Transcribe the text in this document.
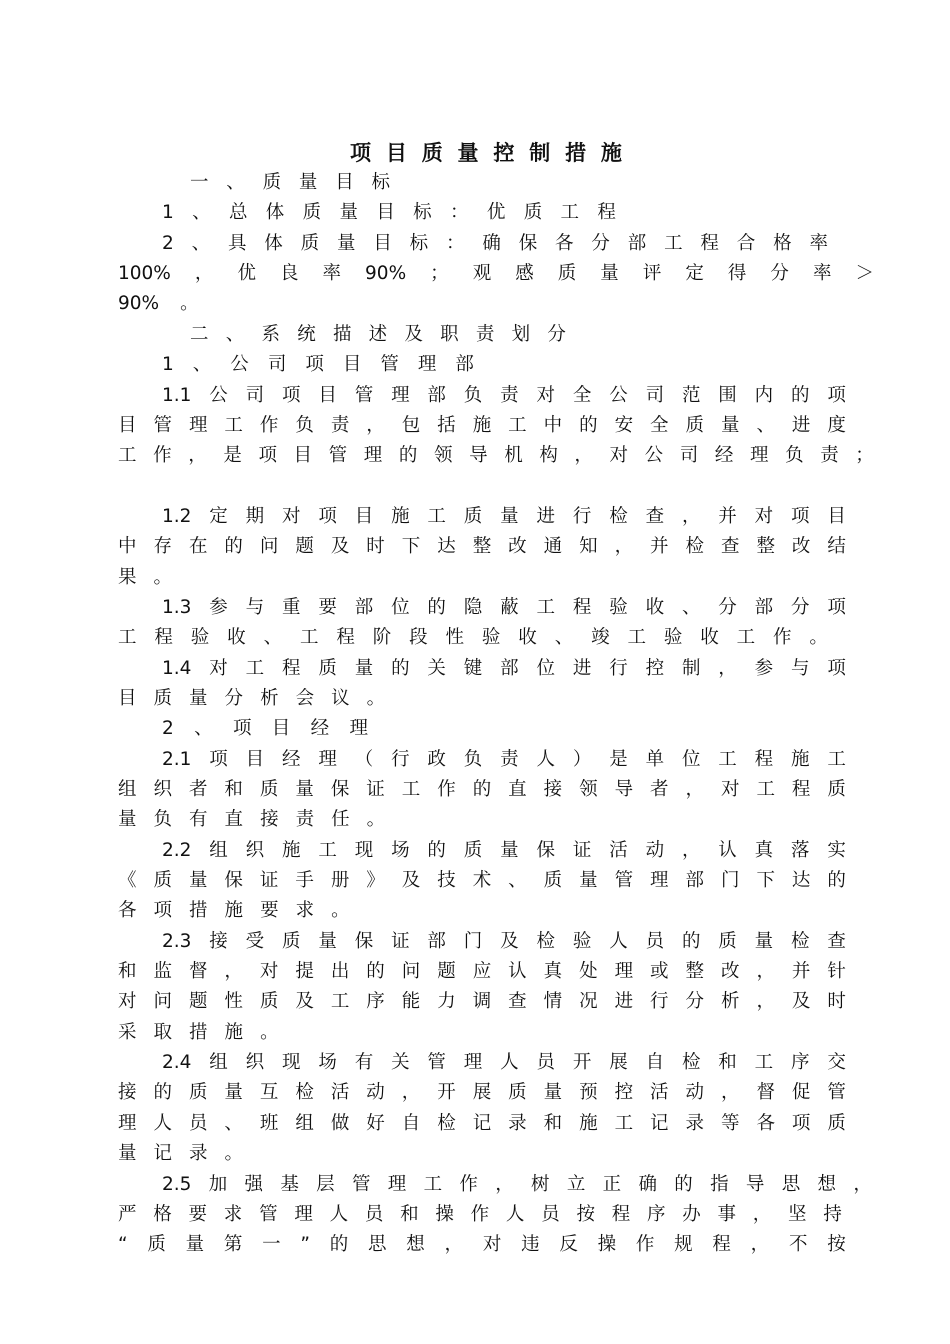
项 目 质 量 控 制 措 施
一 、 质 量 目 标
1 、 总 体 质 量 目 标 ： 优 质 工 程
2 、 具 体 质 量 目 标 ： 确 保 各 分 部 工 程 合 格 率
100% ， 优 良 率 90% ； 观 感 质 量 评 定 得 分 率 ＞
90% 。
二 、 系 统 描 述 及 职 责 划 分
1 、 公 司 项 目 管 理 部
1.1 公 司 项 目 管 理 部 负 责 对 全 公 司 范 围 内 的 项
目 管 理 工 作 负 责 ， 包 括 施 工 中 的 安 全 质 量 、 进 度
工 作 ， 是 项 目 管 理 的 领 导 机 构 ， 对 公 司 经 理 负 责 ；
1.2 定 期 对 项 目 施 工 质 量 进 行 检 查 ， 并 对 项 目
中 存 在 的 问 题 及 时 下 达 整 改 通 知 ， 并 检 查 整 改 结
果 。
1.3 参 与 重 要 部 位 的 隐 蔽 工 程 验 收 、 分 部 分 项
工 程 验 收 、 工 程 阶 段 性 验 收 、 竣 工 验 收 工 作 。
1.4 对 工 程 质 量 的 关 键 部 位 进 行 控 制 ， 参 与 项
目 质 量 分 析 会 议 。
2 、 项 目 经 理
2.1 项 目 经 理 （ 行 政 负 责 人 ） 是 单 位 工 程 施 工
组 织 者 和 质 量 保 证 工 作 的 直 接 领 导 者 ， 对 工 程 质
量 负 有 直 接 责 任 。
2.2 组 织 施 工 现 场 的 质 量 保 证 活 动 ， 认 真 落 实
《 质 量 保 证 手 册 》 及 技 术 、 质 量 管 理 部 门 下 达 的
各 项 措 施 要 求 。
2.3 接 受 质 量 保 证 部 门 及 检 验 人 员 的 质 量 检 查
和 监 督 ， 对 提 出 的 问 题 应 认 真 处 理 或 整 改 ， 并 针
对 问 题 性 质 及 工 序 能 力 调 查 情 况 进 行 分 析 ， 及 时
采 取 措 施 。
2.4 组 织 现 场 有 关 管 理 人 员 开 展 自 检 和 工 序 交
接 的 质 量 互 检 活 动 ， 开 展 质 量 预 控 活 动 ， 督 促 管
理 人 员 、 班 组 做 好 自 检 记 录 和 施 工 记 录 等 各 项 质
量 记 录 。
2.5 加 强 基 层 管 理 工 作 ， 树 立 正 确 的 指 导 思 想 ，
严 格 要 求 管 理 人 员 和 操 作 人 员 按 程 序 办 事 ， 坚 持
“ 质 量 第 一 ” 的 思 想 ， 对 违 反 操 作 规 程 ， 不 按
